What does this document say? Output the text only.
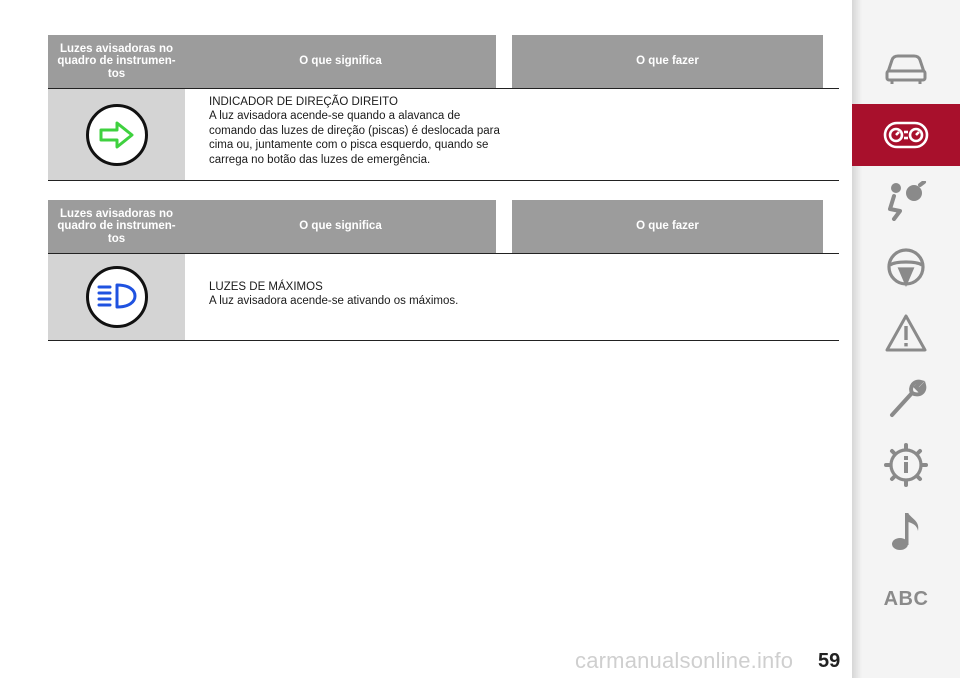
Luzes avisadoras no quadro de instrumen- tos
O que significa	O que fazer
INDICADOR DE DIREÇÃO DIREITO
A luz avisadora acende-se quando a alavanca de comando das luzes de direção (piscas) é deslocada para cima ou, juntamente com o pisca esquerdo, quando se carrega no botão das luzes de emergência.
Luzes avisadoras no quadro de instrumen- tos
O que significa	O que fazer
LUZES DE MÁXIMOS
A luz avisadora acende-se ativando os máximos.
carmanualsonline.info 59
ABC
